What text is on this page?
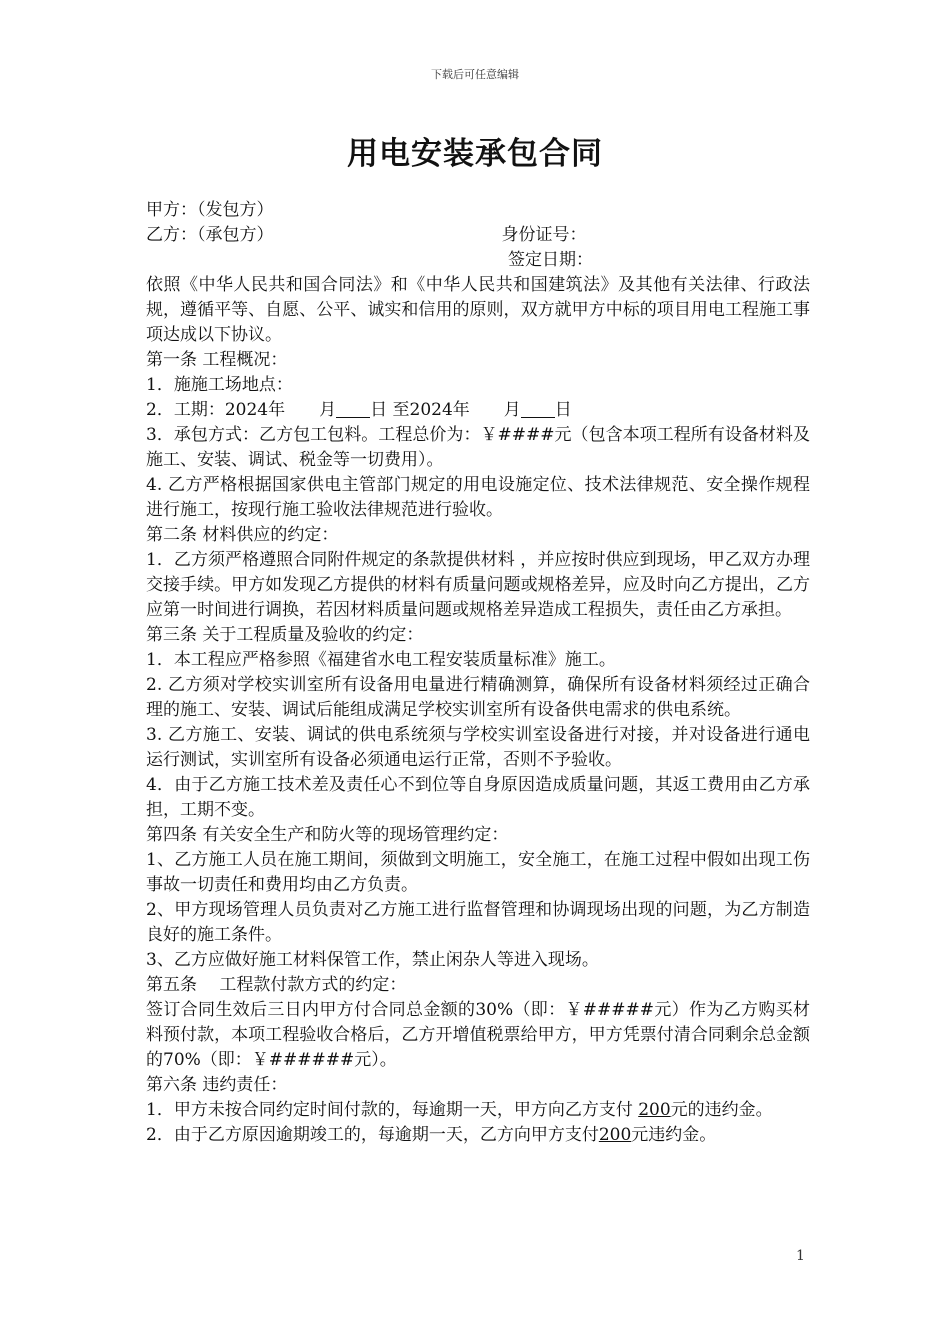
下载后可任意编辑
用电安装承包合同
甲方：（发包方）
乙方：（承包方）	身份证号：
签定日期：
依照《中华人民共和国合同法》和《中华人民共和国建筑法》及其他有关法律、行政法规，遵循平等、自愿、公平、诚实和信用的原则，双方就甲方中标的项目用电工程施工事项达成以下协议。
第一条 工程概况：
1．施施工场地点：
2．工期：2024年 月 日 至2024年 月 日
3．承包方式：乙方包工包料。工程总价为：￥####元（包含本项工程所有设备材料及施工、安装、调试、税金等一切费用）。
4. 乙方严格根据国家供电主管部门规定的用电设施定位、技术法律规范、安全操作规程进行施工，按现行施工验收法律规范进行验收。
第二条 材料供应的约定：
1．乙方须严格遵照合同附件规定的条款提供材料 ，并应按时供应到现场，甲乙双方办理交接手续。甲方如发现乙方提供的材料有质量问题或规格差异，应及时向乙方提出，乙方应第一时间进行调换，若因材料质量问题或规格差异造成工程损失，责任由乙方承担。
第三条 关于工程质量及验收的约定：
1．本工程应严格参照《福建省水电工程安装质量标准》施工。
2. 乙方须对学校实训室所有设备用电量进行精确测算，确保所有设备材料须经过正确合理的施工、安装、调试后能组成满足学校实训室所有设备供电需求的供电系统。
3. 乙方施工、安装、调试的供电系统须与学校实训室设备进行对接，并对设备进行通电运行测试，实训室所有设备必须通电运行正常，否则不予验收。
4．由于乙方施工技术差及责任心不到位等自身原因造成质量问题，其返工费用由乙方承担，工期不变。
第四条 有关安全生产和防火等的现场管理约定：
1、乙方施工人员在施工期间，须做到文明施工，安全施工，在施工过程中假如出现工伤事故一切责任和费用均由乙方负责。
2、甲方现场管理人员负责对乙方施工进行监督管理和协调现场出现的问题，为乙方制造良好的施工条件。
3、乙方应做好施工材料保管工作，禁止闲杂人等进入现场。
第五条　 工程款付款方式的约定：
签订合同生效后三日内甲方付合同总金额的30%（即：￥#####元）作为乙方购买材料预付款，本项工程验收合格后，乙方开增值税票给甲方，甲方凭票付清合同剩余总金额的70%（即：￥######元）。
第六条 违约责任：
1．甲方未按合同约定时间付款的，每逾期一天，甲方向乙方支付 200元的违约金。
2．由于乙方原因逾期竣工的，每逾期一天，乙方向甲方支付200元违约金。
1
